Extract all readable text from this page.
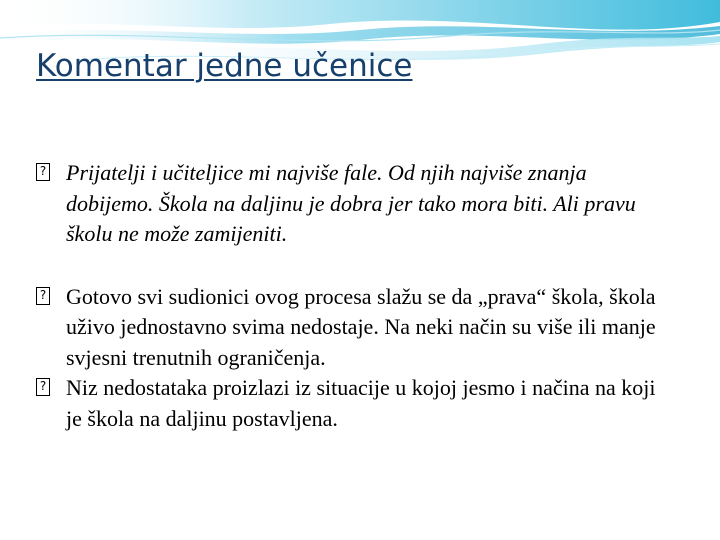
Komentar jedne učenice
? Prijatelji i učiteljice mi najviše fale. Od njih najviše znanja dobijemo. Škola na daljinu je dobra jer tako mora biti. Ali pravu školu ne može zamijeniti.
? Gotovo svi sudionici ovog procesa slažu se da „prava“ škola, škola uživo jednostavno svima nedostaje. Na neki način su više ili manje svjesni trenutnih ograničenja.
? Niz nedostataka proizlazi iz situacije u kojoj jesmo i načina na koji je škola na daljinu postavljena.
